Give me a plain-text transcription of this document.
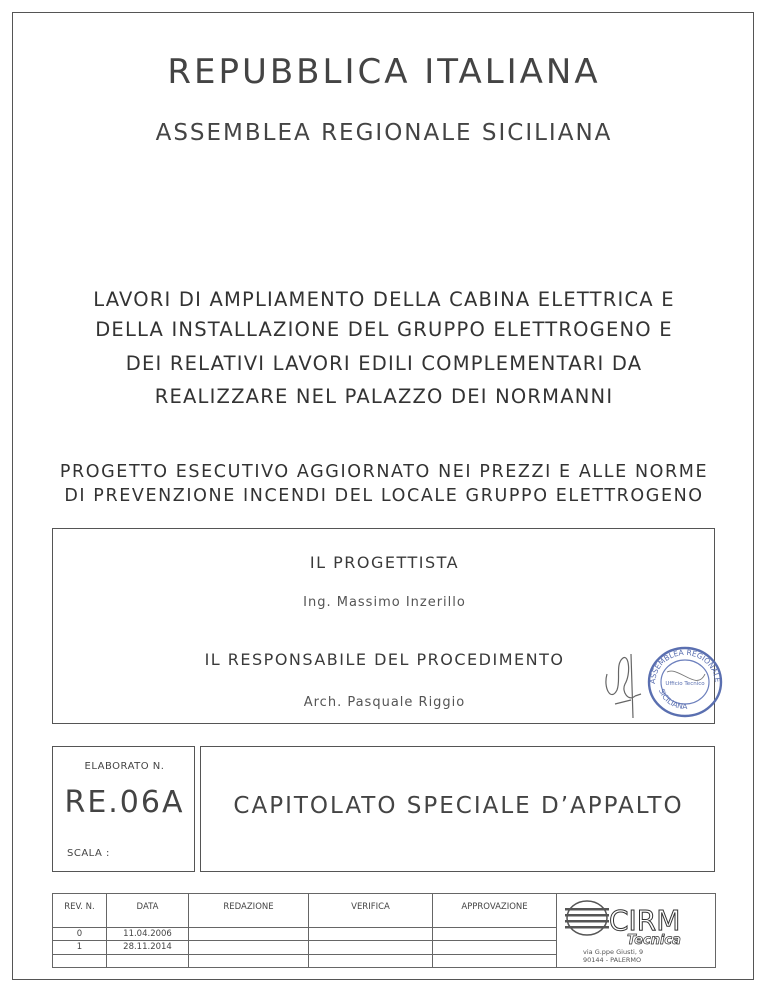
REPUBBLICA ITALIANA
ASSEMBLEA REGIONALE SICILIANA
LAVORI DI AMPLIAMENTO DELLA CABINA ELETTRICA E
DELLA INSTALLAZIONE DEL GRUPPO ELETTROGENO E
DEI RELATIVI LAVORI EDILI COMPLEMENTARI DA
REALIZZARE NEL PALAZZO DEI NORMANNI
PROGETTO ESECUTIVO AGGIORNATO NEI PREZZI E ALLE NORME
DI PREVENZIONE INCENDI DEL LOCALE GRUPPO ELETTROGENO
IL PROGETTISTA
Ing. Massimo Inzerillo
IL RESPONSABILE DEL PROCEDIMENTO
Arch. Pasquale Riggio
ASSEMBLEA REGIONALE
SICILIANA
Ufficio Tecnico
ELABORATO N.
RE.06A
SCALA :
CAPITOLATO SPECIALE D’APPALTO
REV. N.	DATA	REDAZIONE	VERIFICA	APPROVAZIONE	CIRM
Tecnica
via G.ppe Giusti, 9
90144 - PALERMO

0	11.04.2006				
1	28.11.2014				
